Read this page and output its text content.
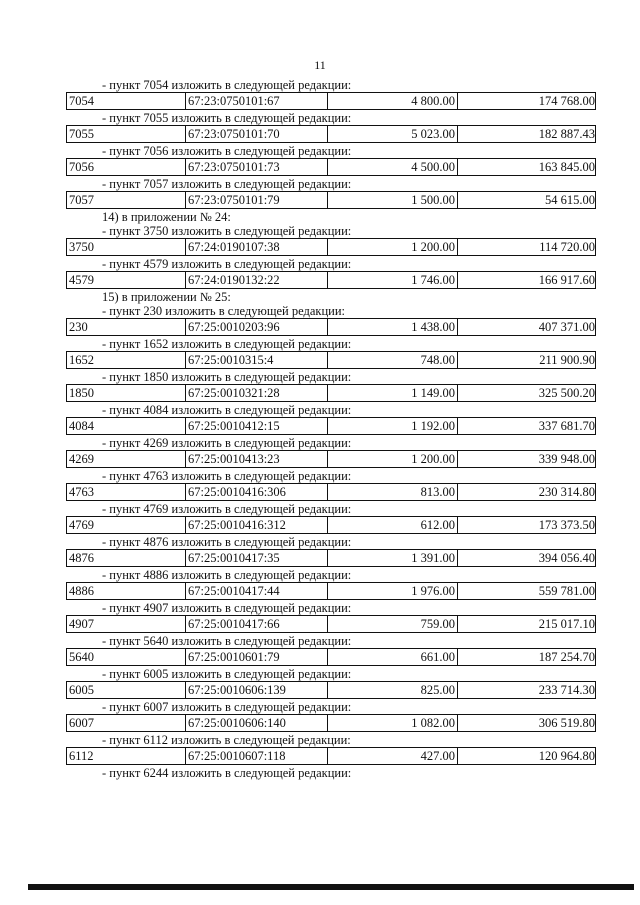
11
- пункт 7054 изложить в следующей редакции:
7054	67:23:0750101:67	4 800.00	174 768.00
- пункт 7055 изложить в следующей редакции:
7055	67:23:0750101:70	5 023.00	182 887.43
- пункт 7056 изложить в следующей редакции:
7056	67:23:0750101:73	4 500.00	163 845.00
- пункт 7057 изложить в следующей редакции:
7057	67:23:0750101:79	1 500.00	54 615.00
14) в приложении № 24:
- пункт 3750 изложить в следующей редакции:
3750	67:24:0190107:38	1 200.00	114 720.00
- пункт 4579 изложить в следующей редакции:
4579	67:24:0190132:22	1 746.00	166 917.60
15) в приложении № 25:
- пункт 230 изложить в следующей редакции:
230	67:25:0010203:96	1 438.00	407 371.00
- пункт 1652 изложить в следующей редакции:
1652	67:25:0010315:4	748.00	211 900.90
- пункт 1850 изложить в следующей редакции:
1850	67:25:0010321:28	1 149.00	325 500.20
- пункт 4084 изложить в следующей редакции:
4084	67:25:0010412:15	1 192.00	337 681.70
- пункт 4269 изложить в следующей редакции:
4269	67:25:0010413:23	1 200.00	339 948.00
- пункт 4763 изложить в следующей редакции:
4763	67:25:0010416:306	813.00	230 314.80
- пункт 4769 изложить в следующей редакции:
4769	67:25:0010416:312	612.00	173 373.50
- пункт 4876 изложить в следующей редакции:
4876	67:25:0010417:35	1 391.00	394 056.40
- пункт 4886 изложить в следующей редакции:
4886	67:25:0010417:44	1 976.00	559 781.00
- пункт 4907 изложить в следующей редакции:
4907	67:25:0010417:66	759.00	215 017.10
- пункт 5640 изложить в следующей редакции:
5640	67:25:0010601:79	661.00	187 254.70
- пункт 6005 изложить в следующей редакции:
6005	67:25:0010606:139	825.00	233 714.30
- пункт 6007 изложить в следующей редакции:
6007	67:25:0010606:140	1 082.00	306 519.80
- пункт 6112 изложить в следующей редакции:
6112	67:25:0010607:118	427.00	120 964.80
- пункт 6244 изложить в следующей редакции:
